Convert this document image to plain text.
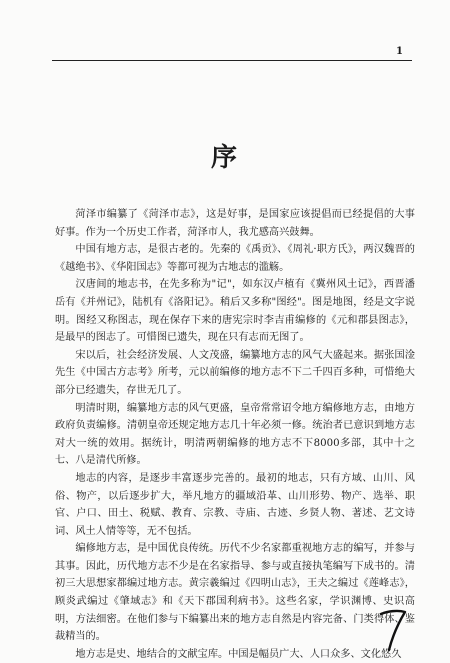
1
序

菏泽市编纂了《菏泽市志》，这是好事，是国家应该提倡而已经提倡的大事好事。作为一个历史工作者，菏泽市人，我尤感高兴鼓舞。

中国有地方志，是很古老的。先秦的《禹贡》、《周礼·职方氏》，两汉魏晋的《越绝书》、《华阳国志》等都可视为古地志的滥觞。

汉唐间的地志书，在先多称为"记"，如东汉卢植有《冀州风土记》，西晋潘岳有《并州记》，陆机有《洛阳记》。稍后又多称"图经"。图是地图，经是文字说明。图经又称图志，现在保存下来的唐宪宗时李吉甫编修的《元和郡县图志》，是最早的图志了。可惜图已遗失，现在只有志而无图了。

宋以后，社会经济发展、人文茂盛，编纂地方志的风气大盛起来。据张国淦先生《中国古方志考》所考，元以前编修的地方志不下二千四百多种，可惜绝大部分已经遗失，存世无几了。

明清时期，编纂地方志的风气更盛，皇帝常常诏令地方编修地方志，由地方政府负责编修。清朝皇帝还规定地方志几十年必须一修。统治者已意识到地方志对大一统的效用。据统计，明清两朝编修的地方志不下8000多部，其中十之七、八是清代所修。

地志的内容，是逐步丰富逐步完善的。最初的地志，只有方域、山川、风俗、物产，以后逐步扩大，举凡地方的疆域沿革、山川形势、物产、选举、职官、户口、田土、税赋、教育、宗教、寺庙、古迹、乡贤人物、著述、艺文诗词、风土人情等等，无不包括。

编修地方志，是中国优良传统。历代不少名家都重视地方志的编写，并参与其事。因此，历代地方志不少是在名家指导、参与或直接执笔编写下成书的。清初三大思想家都编过地方志。黄宗羲编过《四明山志》，王夫之编过《莲峰志》，顾炎武编过《肇域志》和《天下郡国利病书》。这些名家，学识渊博、史识高明，方法细密。在他们参与下编纂出来的地方志自然是内容完备、门类得体、鉴裁精当的。

地方志是史、地结合的文献宝库。中国是幅员广大、人口众多、文化悠久
